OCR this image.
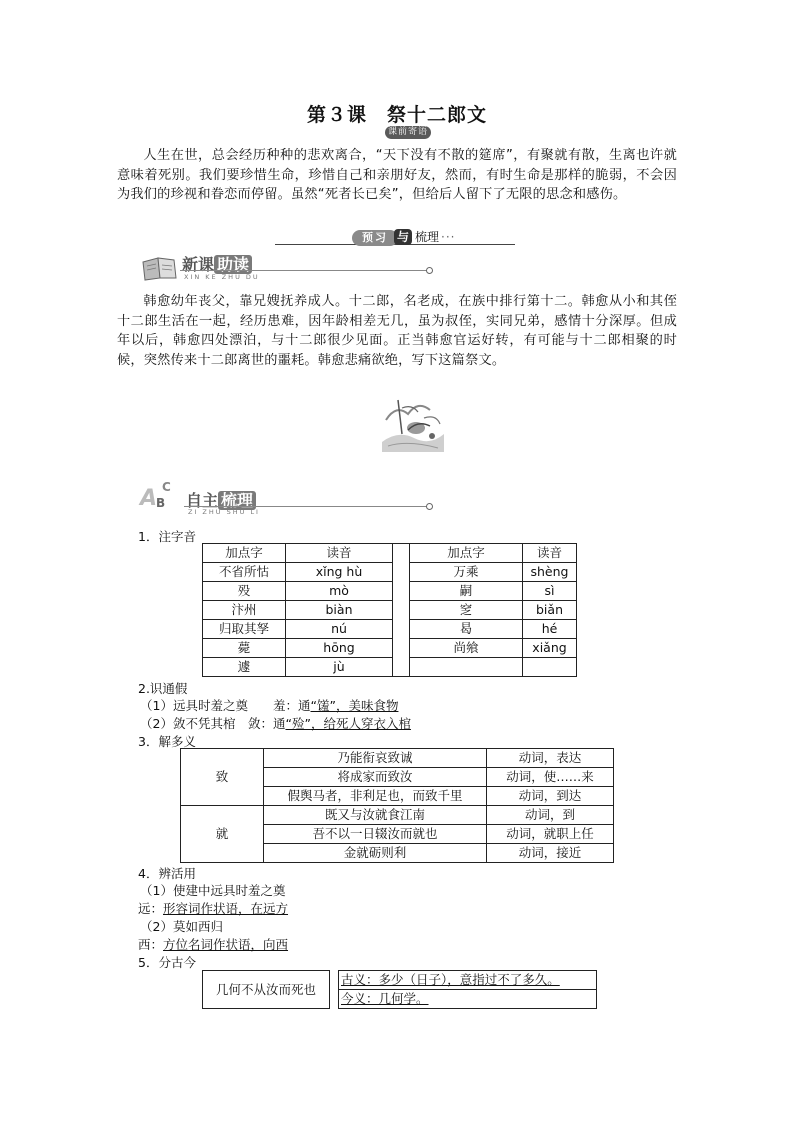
第３课　祭十二郎文
课前寄语

人生在世，总会经历种种的悲欢离合，“天下没有不散的筵席”，有聚就有散，生离也许就意味着死别。我们要珍惜生命，珍惜自己和亲朋好友，然而，有时生命是那样的脆弱，不会因为我们的珍视和眷恋而停留。虽然“死者长已矣”，但给后人留下了无限的思念和感伤。

预习 与 梳理 ···
新课 助读
XIN KE ZHU DU

韩愈幼年丧父，靠兄嫂抚养成人。十二郎，名老成，在族中排行第十二。韩愈从小和其侄十二郎生活在一起，经历患难，因年龄相差无几，虽为叔侄，实同兄弟，感情十分深厚。但成年以后，韩愈四处漂泊，与十二郎很少见面。正当韩愈官运好转，有可能与十二郎相聚的时候，突然传来十二郎离世的噩耗。韩愈悲痛欲绝，写下这篇祭文。

A C
B 自主 梳理
ZI ZHU SHU LI
1．注字音
加点字	读音		加点字	读音
不省所怙	xǐng hù		万乘	shèng
殁	mò		嗣	sì
汴州	biàn		窆	biǎn
归取其孥	nú		曷	hé
薨	hōng		尚飨	xiǎng
遽	jù			
2.识通假
（1）远具时羞之奠　　羞：通“馐”，美味食物
（2）敛不凭其棺　敛：通“殓”，给死人穿衣入棺
3．解多义
致	乃能衔哀致诚	动词，表达
	将成家而致汝	动词，使……来
	假舆马者，非利足也，而致千里	动词，到达
就	既又与汝就食江南	动词，到
	吾不以一日辍汝而就也	动词，就职上任
	金就砺则利	动词，接近
4．辨活用
（1）使建中远具时羞之奠
远：形容词作状语，在远方
（2）莫如西归
西：方位名词作状语，向西
5．分古今
几何不从汝而死也		古义：多少（日子），意指过不了多久。
今义：几何学。
